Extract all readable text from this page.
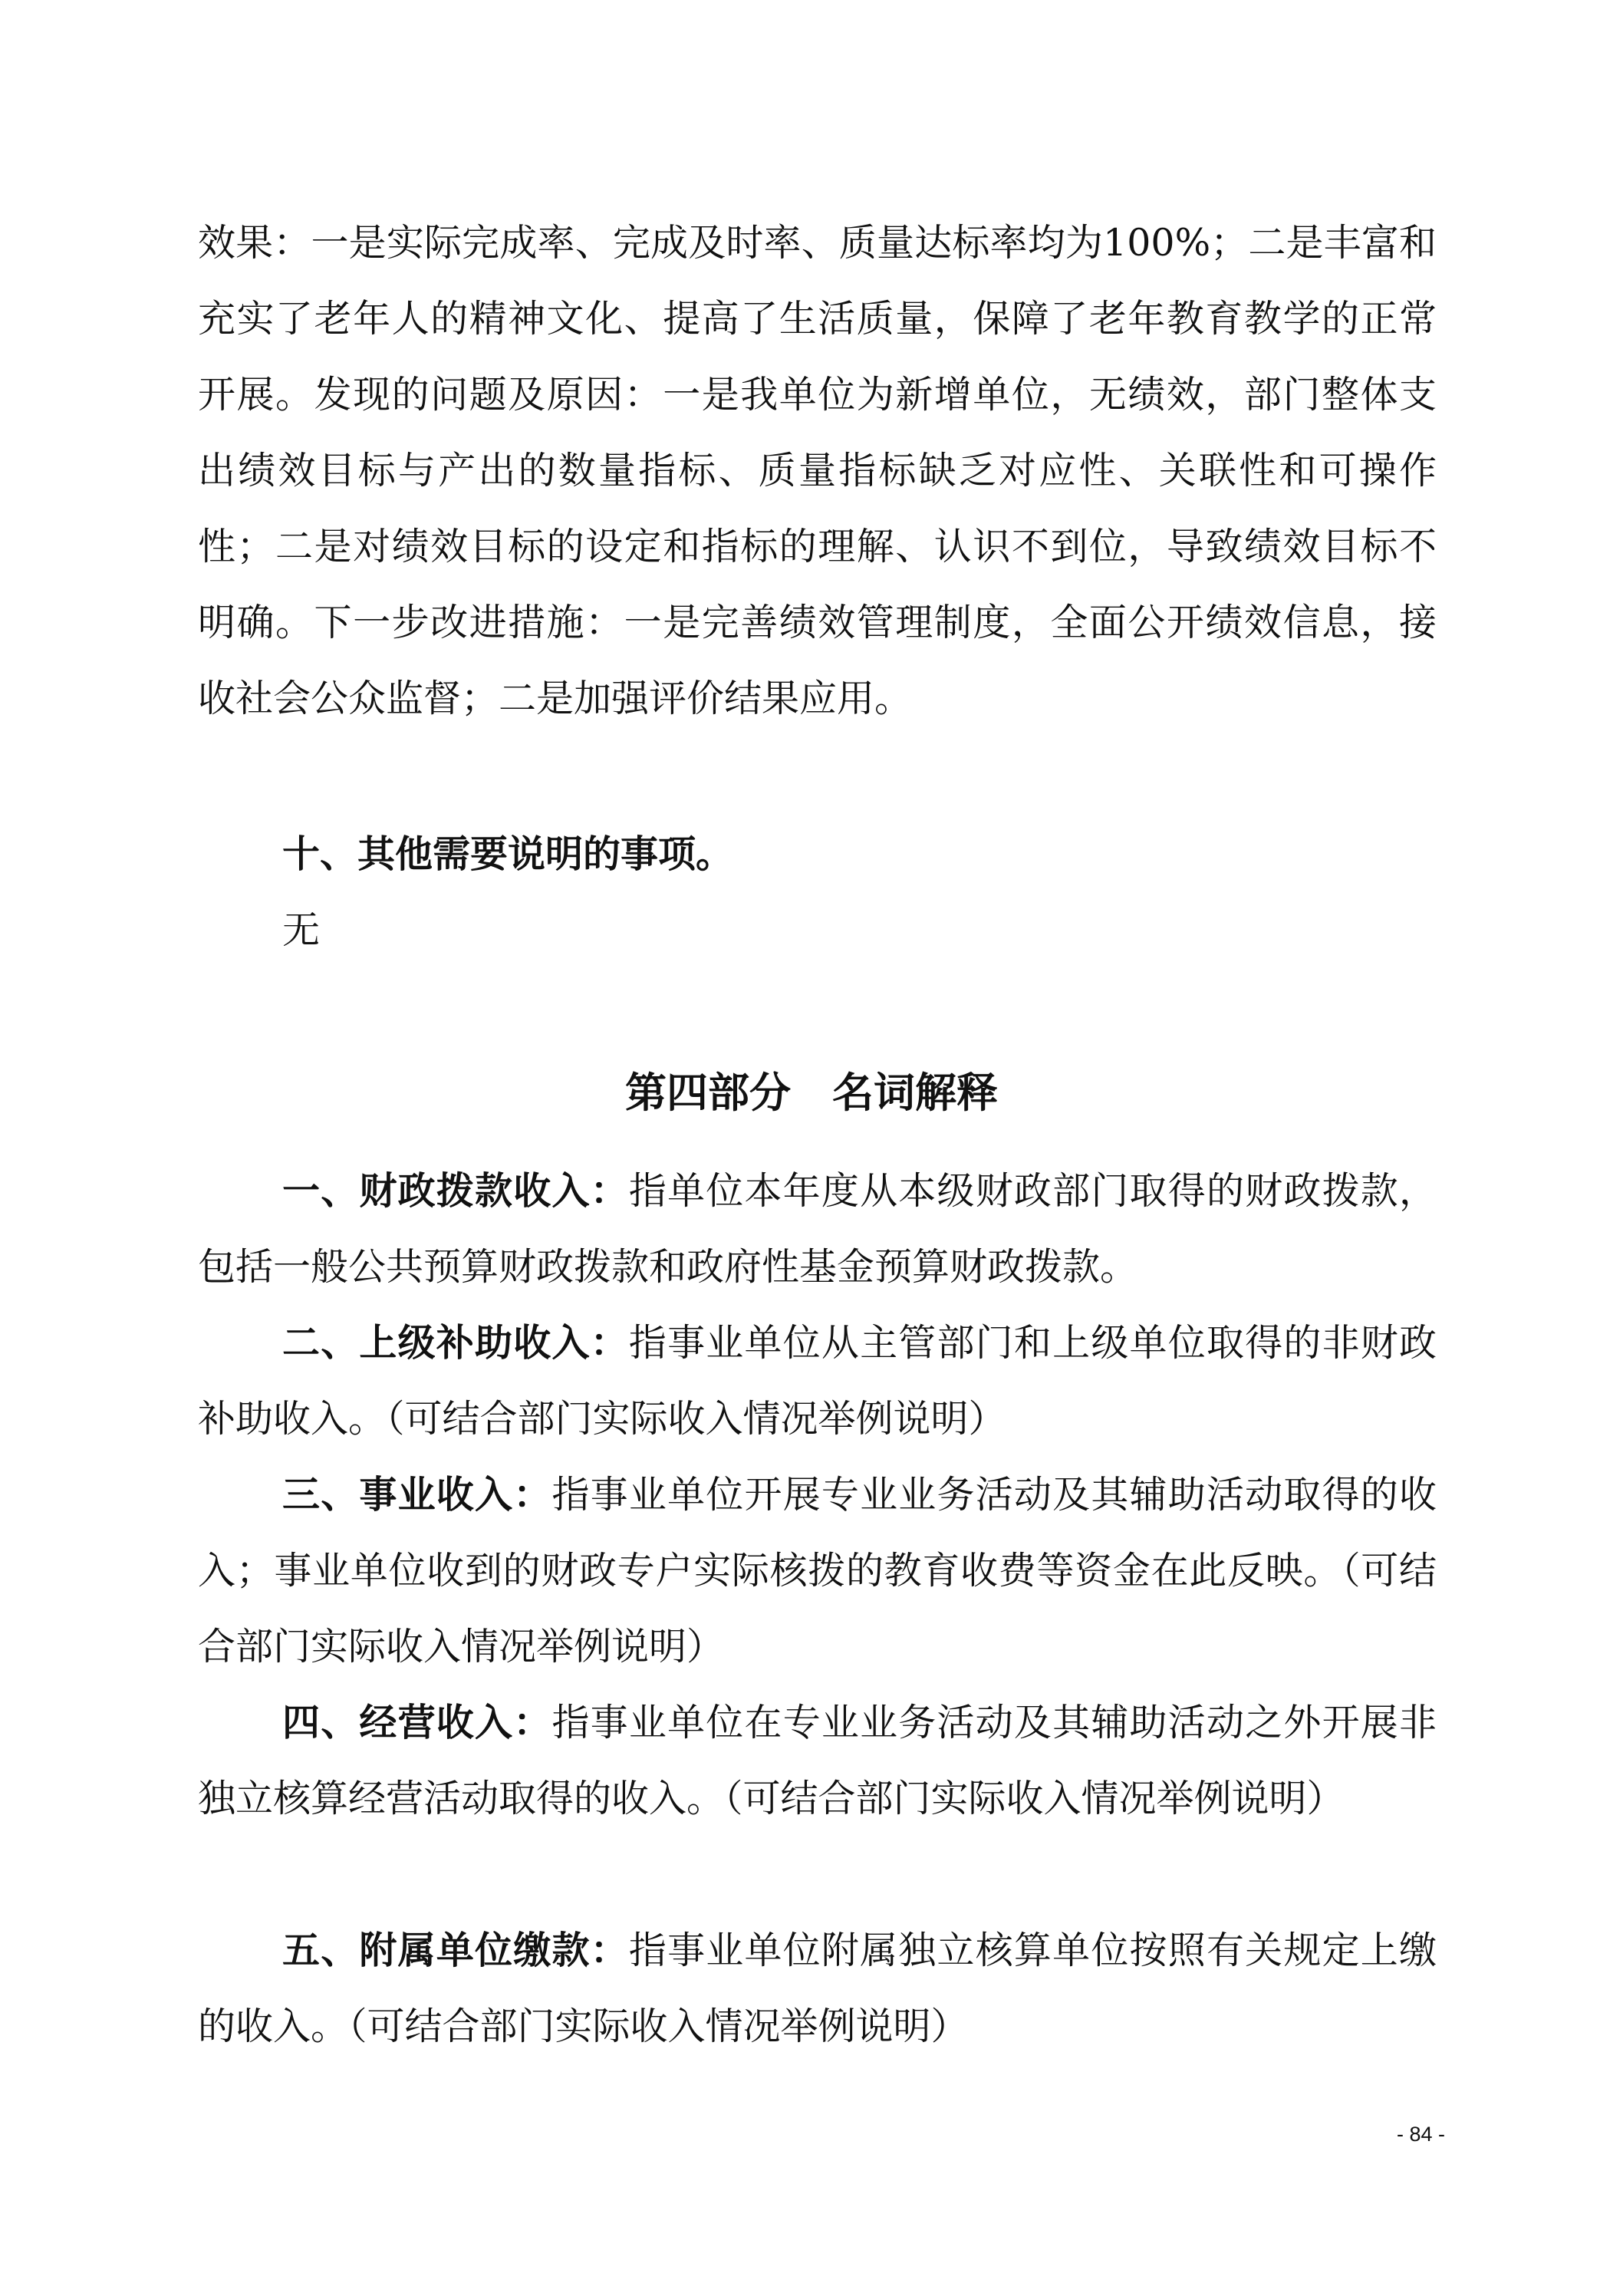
效果：一是实际完成率、完成及时率、质量达标率均为100%；二是丰富和充实了老年人的精神文化、提高了生活质量，保障了老年教育教学的正常开展。发现的问题及原因：一是我单位为新增单位，无绩效，部门整体支出绩效目标与产出的数量指标、质量指标缺乏对应性、关联性和可操作性；二是对绩效目标的设定和指标的理解、认识不到位，导致绩效目标不明确。下一步改进措施：一是完善绩效管理制度，全面公开绩效信息，接收社会公众监督；二是加强评价结果应用。

十、其他需要说明的事项。

无

第四部分　名词解释

一、财政拨款收入：指单位本年度从本级财政部门取得的财政拨款，包括一般公共预算财政拨款和政府性基金预算财政拨款。

二、上级补助收入：指事业单位从主管部门和上级单位取得的非财政补助收入。（可结合部门实际收入情况举例说明）

三、事业收入：指事业单位开展专业业务活动及其辅助活动取得的收入；事业单位收到的财政专户实际核拨的教育收费等资金在此反映。（可结合部门实际收入情况举例说明）

四、经营收入：指事业单位在专业业务活动及其辅助活动之外开展非独立核算经营活动取得的收入。（可结合部门实际收入情况举例说明）

五、附属单位缴款：指事业单位附属独立核算单位按照有关规定上缴的收入。（可结合部门实际收入情况举例说明）

- 84 -
